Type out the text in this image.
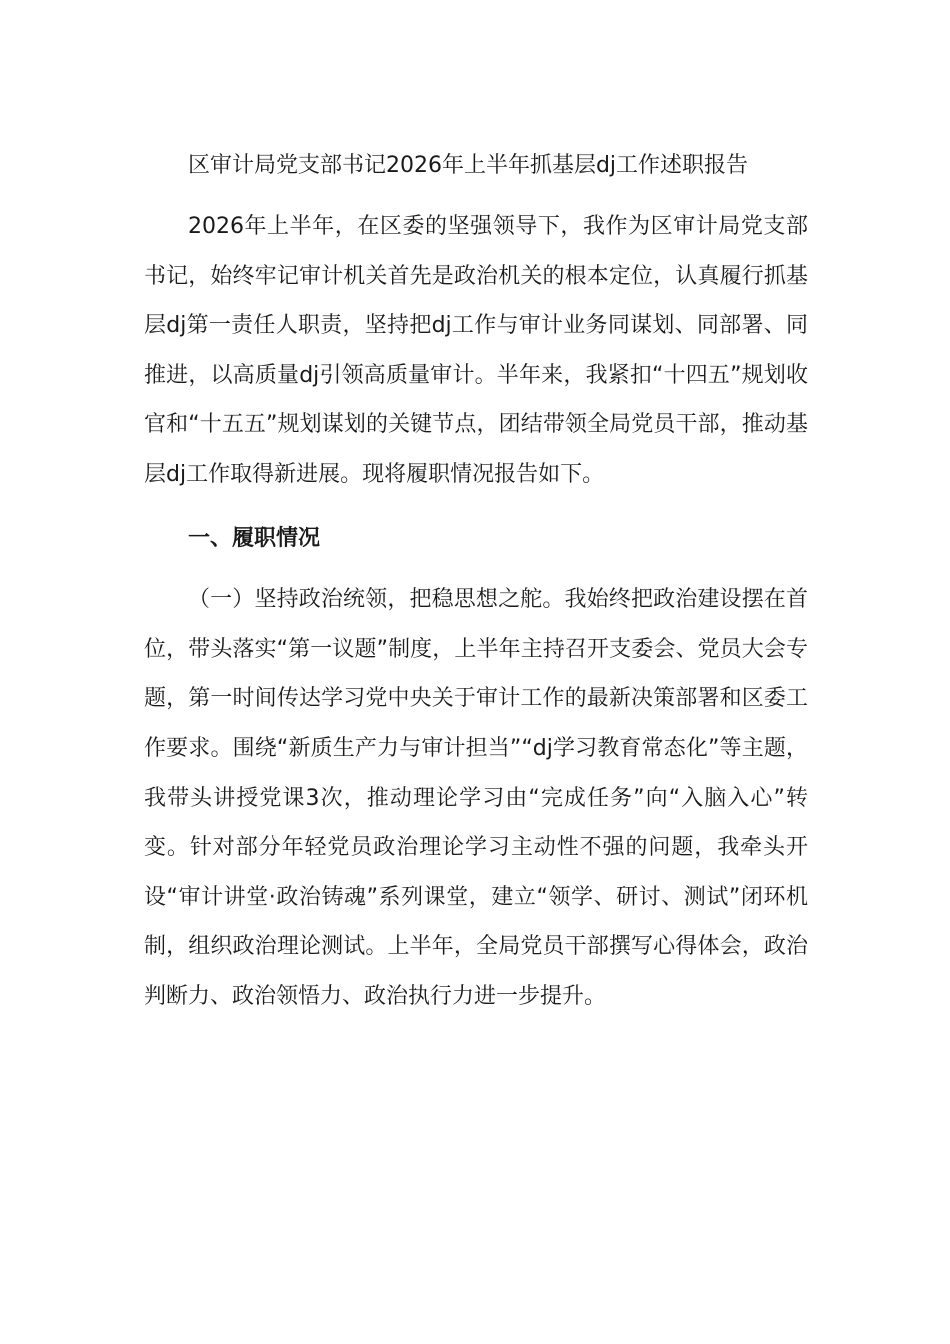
区审计局党支部书记2026年上半年抓基层dj工作述职报告

2026年上半年，在区委的坚强领导下，我作为区审计局党支部书记，始终牢记审计机关首先是政治机关的根本定位，认真履行抓基层dj第一责任人职责，坚持把dj工作与审计业务同谋划、同部署、同推进，以高质量dj引领高质量审计。半年来，我紧扣“十四五”规划收官和“十五五”规划谋划的关键节点，团结带领全局党员干部，推动基层dj工作取得新进展。现将履职情况报告如下。

一、履职情况

（一）坚持政治统领，把稳思想之舵。我始终把政治建设摆在首位，带头落实“第一议题”制度，上半年主持召开支委会、党员大会专题，第一时间传达学习党中央关于审计工作的最新决策部署和区委工作要求。围绕“新质生产力与审计担当”“dj学习教育常态化”等主题，我带头讲授党课3次，推动理论学习由“完成任务”向“入脑入心”转变。针对部分年轻党员政治理论学习主动性不强的问题，我牵头开设“审计讲堂·政治铸魂”系列课堂，建立“领学、研讨、测试”闭环机制，组织政治理论测试。上半年，全局党员干部撰写心得体会，政治判断力、政治领悟力、政治执行力进一步提升。
